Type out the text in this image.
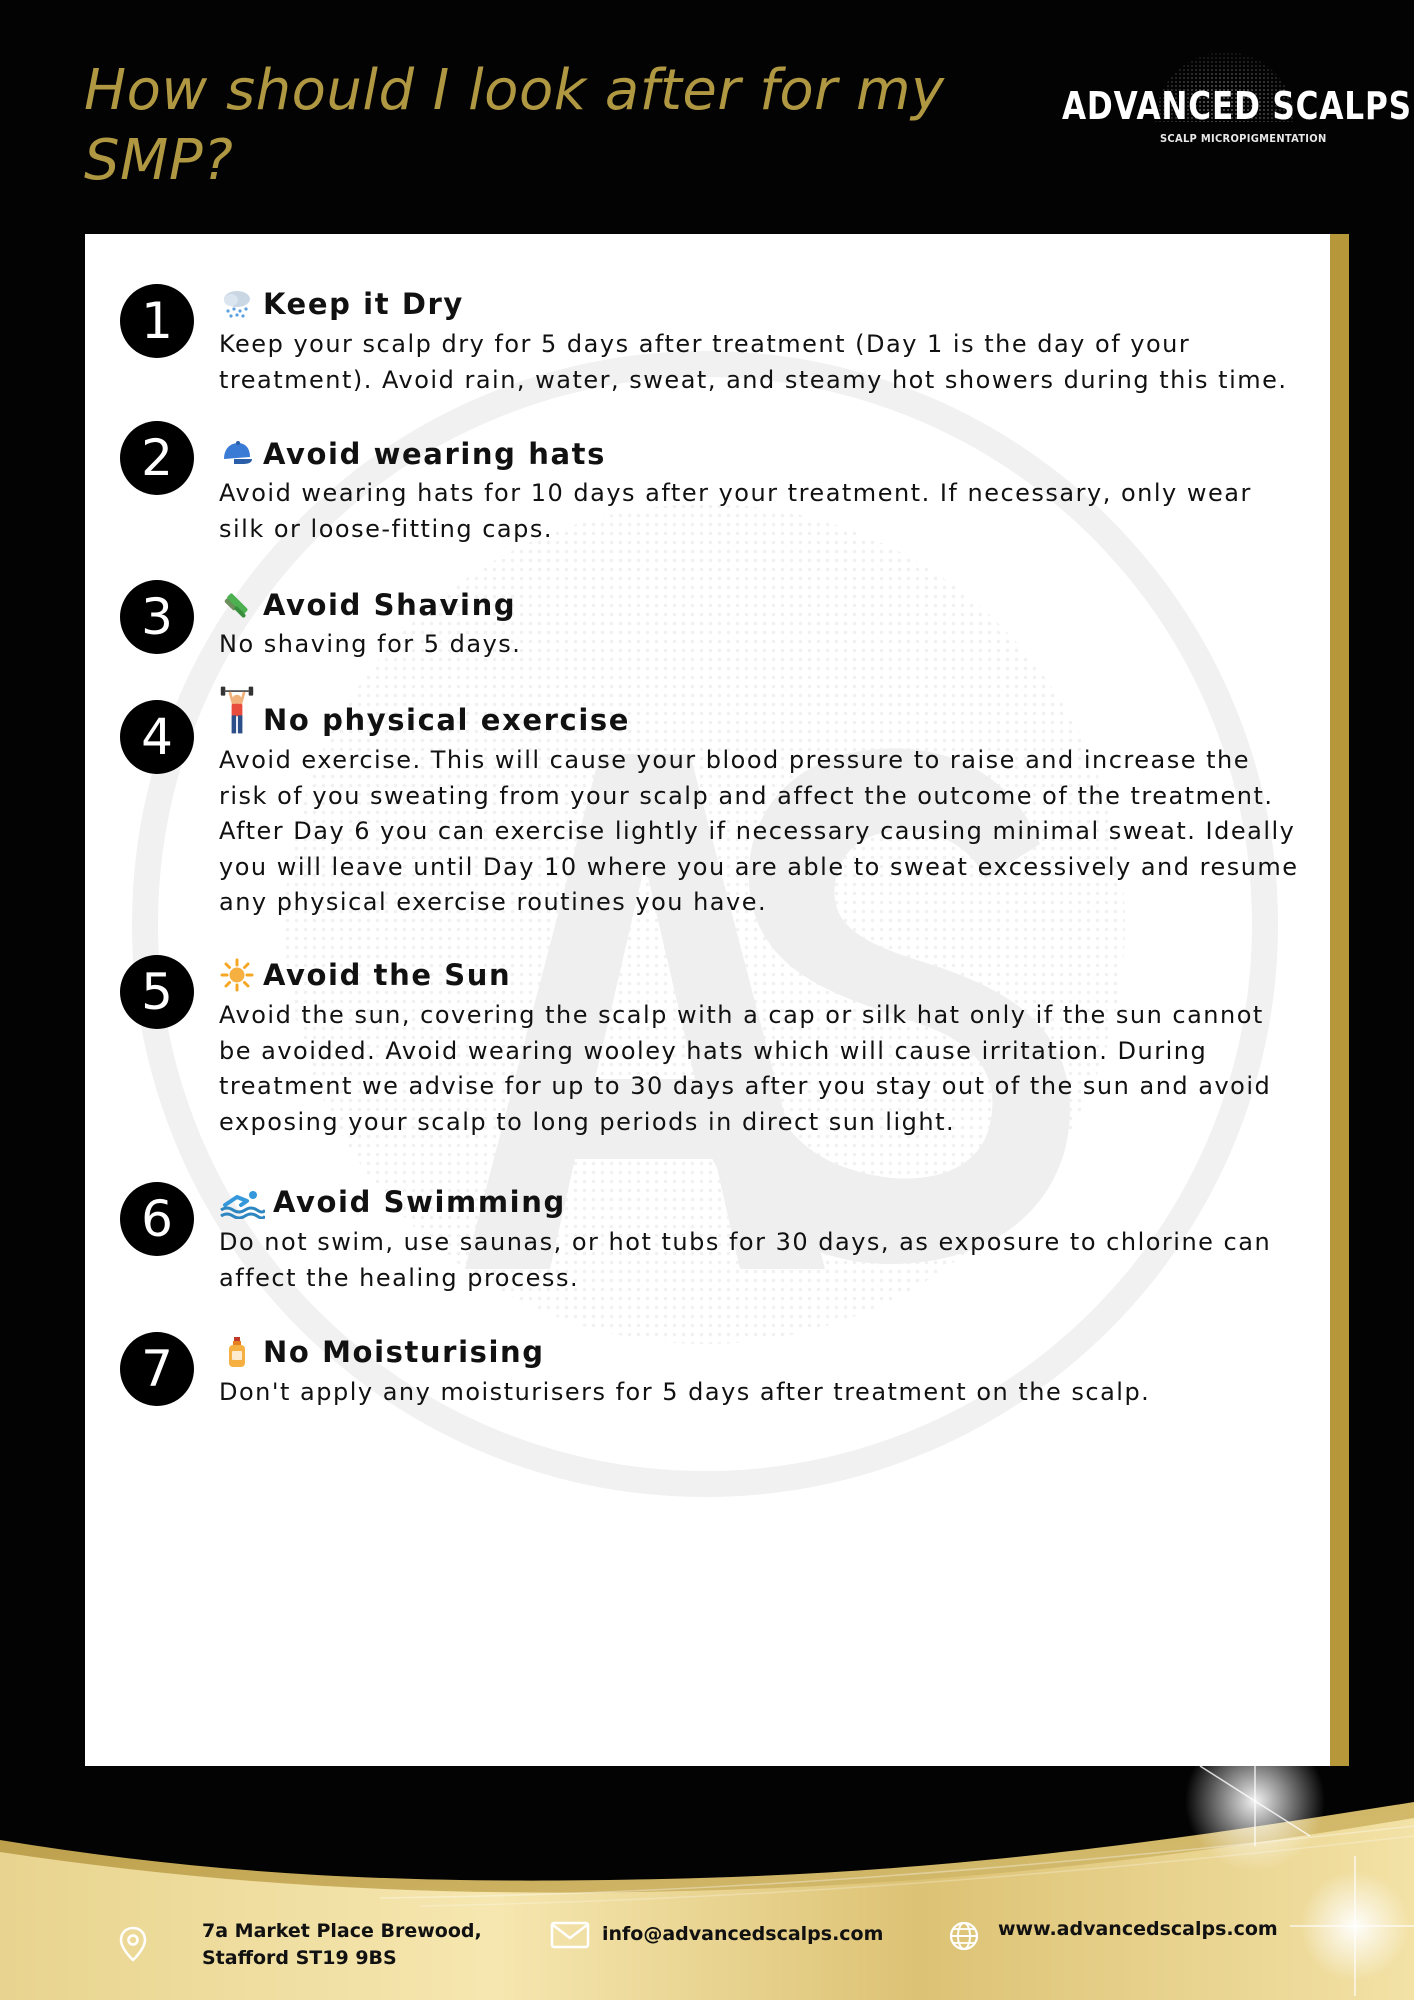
How should I look after for my
SMP?
ADVANCED SCALPS
SCALP MICROPIGMENTATION
1	Keep it Dry

Keep your scalp dry for 5 days after treatment (Day 1 is the day of your treatment). Avoid rain, water, sweat, and steamy hot showers during this time.

2	Avoid wearing hats

Avoid wearing hats for 10 days after your treatment. If necessary, only wear silk or loose-fitting caps.

3	Avoid Shaving

No shaving for 5 days.

4	No physical exercise

Avoid exercise. This will cause your blood pressure to raise and increase the risk of you sweating from your scalp and affect the outcome of the treatment. After Day 6 you can exercise lightly if necessary causing minimal sweat. Ideally you will leave until Day 10 where you are able to sweat excessively and resume any physical exercise routines you have.

5	Avoid the Sun

Avoid the sun, covering the scalp with a cap or silk hat only if the sun cannot be avoided. Avoid wearing wooley hats which will cause irritation. During treatment we advise for up to 30 days after you stay out of the sun and avoid exposing your scalp to long periods in direct sun light.

6	Avoid Swimming

Do not swim, use saunas, or hot tubs for 30 days, as exposure to chlorine can affect the healing process.

7	No Moisturising

Don't apply any moisturisers for 5 days after treatment on the scalp.

7a Market Place Brewood,
Stafford ST19 9BS
info@advancedscalps.com	www.advancedscalps.com
